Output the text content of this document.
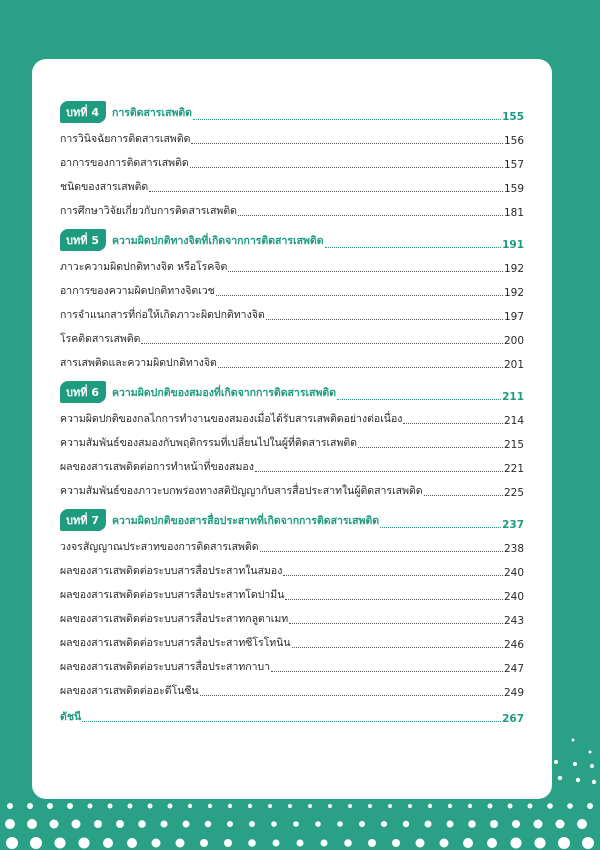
บทที่ 4 การติดสารเสพติด	155
การวินิจฉัยการติดสารเสพติด	156
อาการของการติดสารเสพติด	157
ชนิดของสารเสพติด	159
การศึกษาวิจัยเกี่ยวกับการติดสารเสพติด	181
บทที่ 5 ความผิดปกติทางจิตที่เกิดจากการติดสารเสพติด	191
ภาวะความผิดปกติทางจิต หรือโรคจิต	192
อาการของความผิดปกติทางจิตเวช	192
การจำแนกสารที่ก่อให้เกิดภาวะผิดปกติทางจิต	197
โรคติดสารเสพติด	200
สารเสพติดและความผิดปกติทางจิต	201
บทที่ 6 ความผิดปกติของสมองที่เกิดจากการติดสารเสพติด	211
ความผิดปกติของกลไกการทำงานของสมองเมื่อได้รับสารเสพติดอย่างต่อเนื่อง	214
ความสัมพันธ์ของสมองกับพฤติกรรมที่เปลี่ยนไปในผู้ที่ติดสารเสพติด	215
ผลของสารเสพติดต่อการทำหน้าที่ของสมอง	221
ความสัมพันธ์ของภาวะบกพร่องทางสติปัญญากับสารสื่อประสาทในผู้ติดสารเสพติด	225
บทที่ 7 ความผิดปกติของสารสื่อประสาทที่เกิดจากการติดสารเสพติด	237
วงจรสัญญาณประสาทของการติดสารเสพติด	238
ผลของสารเสพติดต่อระบบสารสื่อประสาทในสมอง	240
ผลของสารเสพติดต่อระบบสารสื่อประสาทโดปามีน	240
ผลของสารเสพติดต่อระบบสารสื่อประสาทกลูตาเมท	243
ผลของสารเสพติดต่อระบบสารสื่อประสาทซีโรโทนิน	246
ผลของสารเสพติดต่อระบบสารสื่อประสาทกาบา	247
ผลของสารเสพติดต่ออะดีโนซีน	249
ดัชนี	267
